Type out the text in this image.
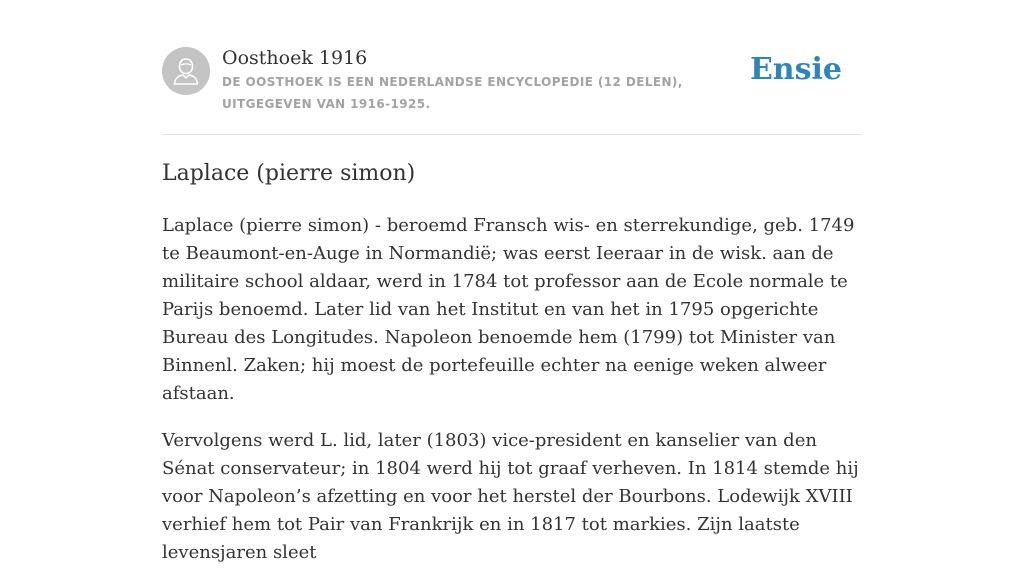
Oosthoek 1916
DE OOSTHOEK IS EEN NEDERLANDSE ENCYCLOPEDIE (12 DELEN), UITGEGEVEN VAN 1916-1925.
Ensie
Laplace (pierre simon)

Laplace (pierre simon) - beroemd Fransch wis- en sterrekundige, geb. 1749 te Beaumont-en-Auge in Normandië; was eerst Ieeraar in de wisk. aan de militaire school aldaar, werd in 1784 tot professor aan de Ecole normale te Parijs benoemd. Later lid van het Institut en van het in 1795 opgerichte Bureau des Longitudes. Napoleon benoemde hem (1799) tot Minister van Binnenl. Zaken; hij moest de portefeuille echter na eenige weken alweer afstaan.

Vervolgens werd L. lid, later (1803) vice-president en kanselier van den Sénat conservateur; in 1804 werd hij tot graaf verheven. In 1814 stemde hij voor Napoleon’s afzetting en voor het herstel der Bourbons. Lodewijk XVIII verhief hem tot Pair van Frankrijk en in 1817 tot markies. Zijn laatste levensjaren sleet
